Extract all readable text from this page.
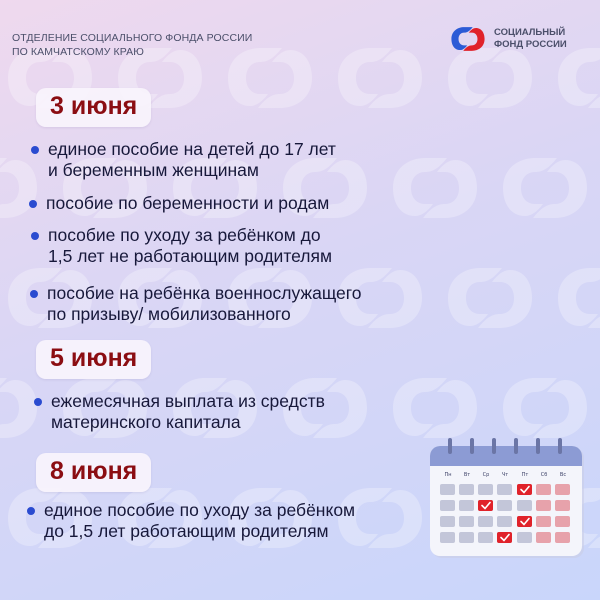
ОТДЕЛЕНИЕ СОЦИАЛЬНОГО ФОНДА РОССИИ
ПО КАМЧАТСКОМУ КРАЮ
СОЦИАЛЬНЫЙ
ФОНД РОССИИ
3 июня
единое пособие на детей до 17 лет
и беременным женщинам
пособие по беременности и родам
пособие по уходу за ребёнком до
1,5 лет не работающим родителям
пособие на ребёнка военнослужащего
по призыву/ мобилизованного
5 июня
ежемесячная выплата из средств
материнского капитала
8 июня
единое пособие по уходу за ребёнком
до 1,5 лет работающим родителям
Пн Вт Ср Чт	Пт Сб	Вс
